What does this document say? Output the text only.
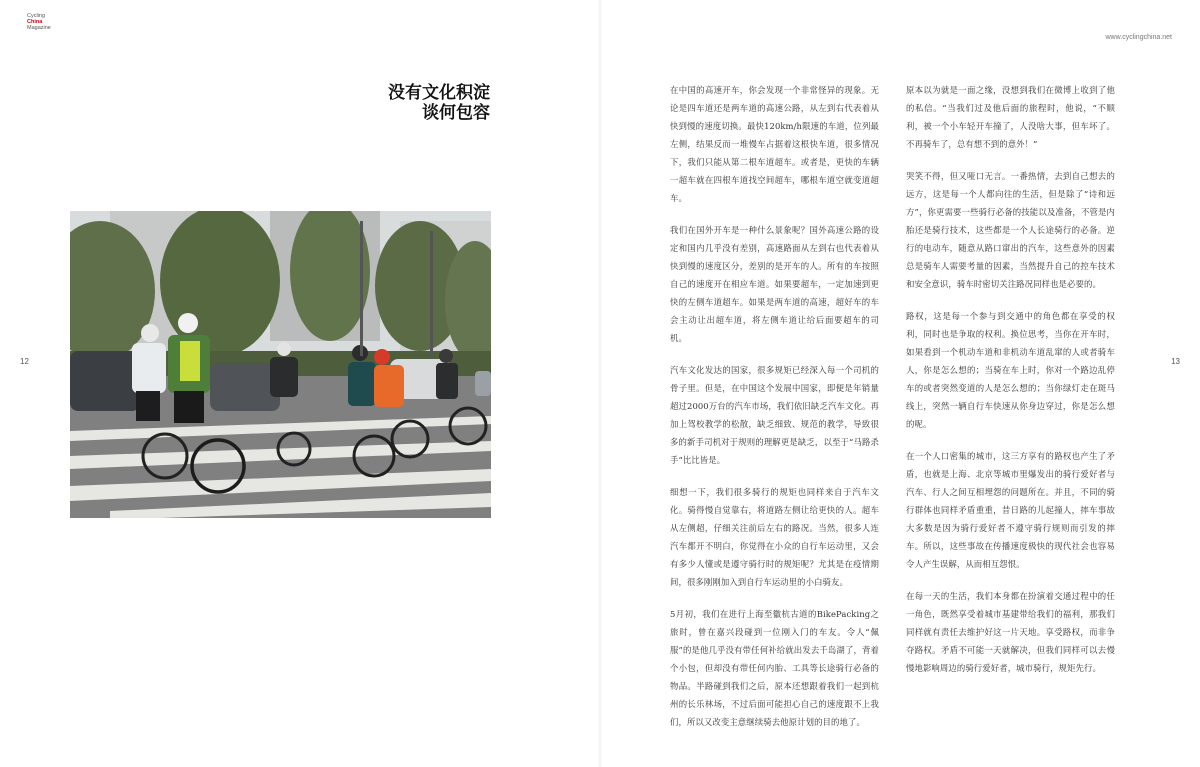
Cycling
China
Magazine
www.cyclingchina.net
12	13
没有文化积淀
谈何包容

在中国的高速开车，你会发现一个非常怪异的现象。无论是四车道还是两车道的高速公路，从左到右代表着从快到慢的速度切换。最快120km/h限速的车道，位列最左侧，结果反而一堆慢车占据着这根快车道，很多情况下，我们只能从第二根车道超车。或者是，更快的车辆一超车就在四根车道找空间超车，哪根车道空就变道超车。

我们在国外开车是一种什么景象呢？国外高速公路的设定和国内几乎没有差别，高速路面从左到右也代表着从快到慢的速度区分，差别的是开车的人。所有的车按照自己的速度开在相应车道。如果要超车，一定加速到更快的左侧车道超车。如果是两车道的高速，超好车的车会主动让出超车道，将左侧车道让给后面要超车的司机。

汽车文化发达的国家，很多规矩已经深入每一个司机的骨子里。但是，在中国这个发展中国家，即便是年销量超过2000万台的汽车市场，我们依旧缺乏汽车文化。再加上驾校教学的松散，缺乏细致、规范的教学，导致很多的新手司机对于规则的理解更是缺乏，以至于“马路杀手”比比皆是。

细想一下，我们很多骑行的规矩也同样来自于汽车文化。骑得慢自觉靠右，将道路左侧让给更快的人。超车从左侧超，仔细关注前后左右的路况。当然，很多人连汽车都开不明白，你觉得在小众的自行车运动里，又会有多少人懂或是遵守骑行时的规矩呢？尤其是在疫情期间，很多刚刚加入到自行车运动里的小白骑友。

5月初，我们在进行上海至徽杭古道的BikePacking之旅时，曾在嘉兴段碰到一位刚入门的车友。令人“佩服”的是他几乎没有带任何补给就出发去千岛湖了，背着个小包，但却没有带任何内胎、工具等长途骑行必备的物品。半路碰到我们之后，原本还想跟着我们一起到杭州的长乐林场，不过后面可能担心自己的速度跟不上我们，所以又改变主意继续骑去他原计划的目的地了。

原本以为就是一面之缘，没想到我们在微博上收到了他的私信。“当我们过及他后面的旅程时，他说，“不顺利，被一个小车轻开车撞了，人没啥大事，但车坏了。不再骑车了，总有想不到的意外！”

哭笑不得，但又哑口无言。一番热情，去到自己想去的远方，这是每一个人都向往的生活，但是除了“诗和远方”，你更需要一些骑行必备的技能以及准备，不管是内胎还是骑行技术，这些都是一个人长途骑行的必备。逆行的电动车，随意从路口窜出的汽车，这些意外的因素总是骑车人需要考量的因素，当然提升自己的控车技术和安全意识，骑车时密切关注路况同样也是必要的。

路权，这是每一个参与到交通中的角色都在享受的权利，同时也是争取的权利。换位思考，当你在开车时，如果看到一个机动车道和非机动车道乱窜的人或者骑车人，你是怎么想的；当骑在车上时，你对一个路边乱停车的或者突然变道的人是怎么想的；当你绿灯走在斑马线上，突然一辆自行车快速从你身边穿过，你是怎么想的呢。

在一个人口密集的城市，这三方享有的路权也产生了矛盾，也就是上海、北京等城市里爆发出的骑行爱好者与汽车、行人之间互相埋怨的问题所在。并且，不同的骑行群体也同样矛盾重重，昔日路的儿起撞人，摔车事故大多数是因为骑行爱好者不遵守骑行规则而引发的摔车。所以，这些事故在传播速度极快的现代社会也容易令人产生误解，从而相互怨恨。

在每一天的生活，我们本身都在扮演着交通过程中的任一角色，既然享受着城市基建带给我们的福利，那我们同样就有责任去维护好这一片天地。享受路权，而非争夺路权。矛盾不可能一天就解决，但我们同样可以去慢慢地影响周边的骑行爱好者，城市骑行，规矩先行。
